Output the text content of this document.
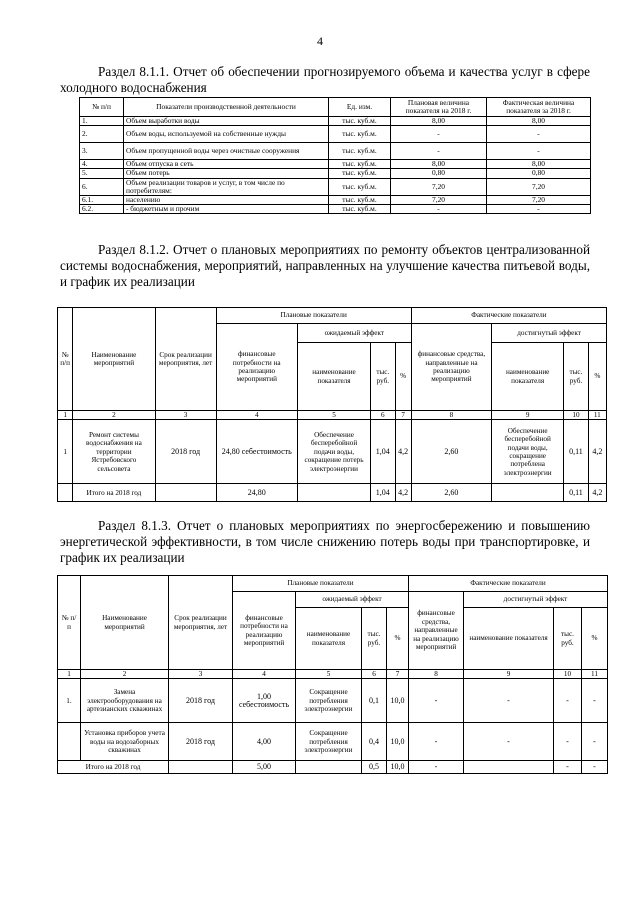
4
Раздел 8.1.1. Отчет об обеспечении прогнозируемого объема и качества услуг в сфере холодного водоснабжения
№ п/п	Показатели производственной деятельности	Ед. изм.	Плановая величина показателя на 2018 г.	Фактическая величина показателя за 2018 г.
1.	Объем выработки воды	тыс. куб.м.	8,00	8,00
2.	Объем воды, используемой на собственные нужды	тыс. куб.м.	-	-
3.	Объем пропущенной воды через очистные сооружения	тыс. куб.м.	-	-
4.	Объем отпуска в сеть	тыс. куб.м.	8,00	8,00
5.	Объем потерь	тыс. куб.м.	0,80	0,80
6.	Объем реализации товаров и услуг, в том числе по потребителям:	тыс. куб.м.	7,20	7,20
6.1.	населению	тыс. куб.м.	7,20	7,20
6.2.	- бюджетным и прочим	тыс. куб.м.	-	-
Раздел 8.1.2. Отчет о плановых мероприятиях по ремонту объектов централизованной системы водоснабжения, мероприятий, направленных на улучшение качества питьевой воды, и график их реализации
№ п/п	Наименование мероприятий	Срок реализации мероприятия, лет	Плановые показатели				Фактические показатели			
			финансовые потребности на реализацию мероприятий	ожидаемый эффект			финансовые средства, направленные на реализацию мероприятий	достигнутый эффект		
				наименование показателя	тыс. руб.	%		наименование показателя	тыс. руб.	%
1	2	3	4	5	6	7	8	9	10	11
1	Ремонт системы водоснабжения на территории Ястребовского сельсовета	2018 год	24,80 себестоимость	Обеспечение бесперебойной подачи воды, сокращение потерь электроэнергии	1,04	4,2	2,60	Обеспечение бесперебойной подачи воды, сокращение потреблена электроэнергии	0,11	4,2
	Итого на 2018 год		24,80		1,04	4,2	2,60		0,11	4,2
Раздел 8.1.3. Отчет о плановых мероприятиях по энергосбережению и повышению энергетической эффективности, в том числе снижению потерь воды при транспортировке, и график их реализации
№ п/п	Наименование мероприятий	Срок реализации мероприятия, лет	Плановые показатели				Фактические показатели			
			финансовые потребности на реализацию мероприятий	ожидаемый эффект			финансовые средства, направленные на реализацию мероприятий	достигнутый эффект		
				наименование показателя	тыс. руб.	%		наименование показателя	тыс. руб.	%
1	2	3	4	5	6	7	8	9	10	11
1.	Замена электрооборудования на артезианских скважинах	2018 год	1,00 себестоимость	Сокращение потребления электроэнергии	0,1	10,0	-	-	-	-
	Установка приборов учета воды на водозаборных скважинах	2018 год	4,00	Сокращение потребления электроэнергии	0,4	10,0	-	-	-	-
Итого на 2018 год			5,00		0,5	10,0	-		-	-
